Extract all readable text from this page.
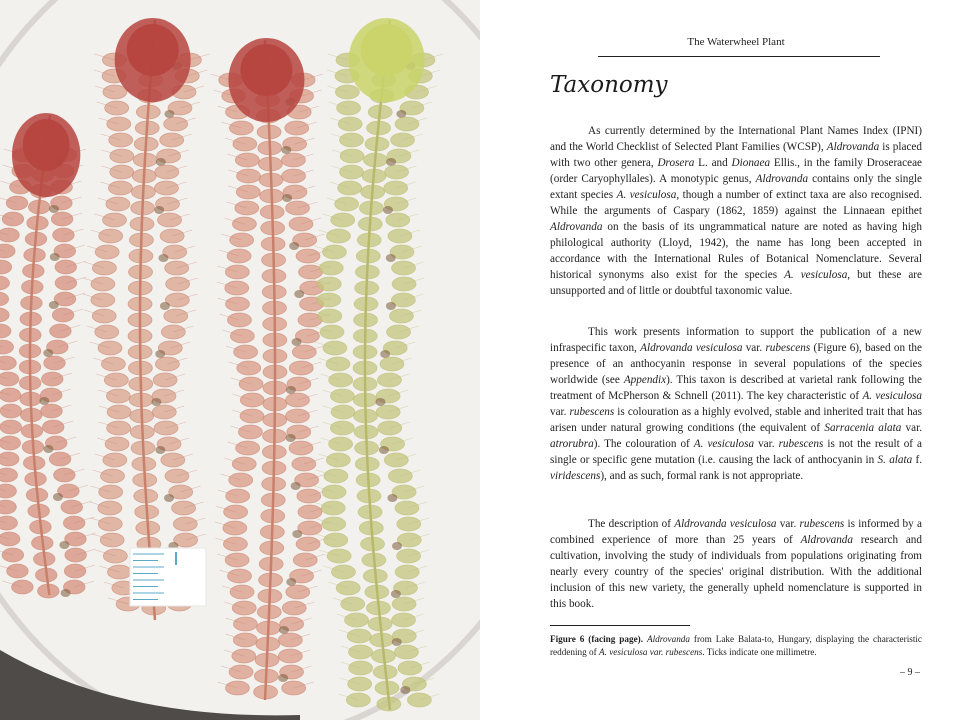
The Waterwheel Plant
Taxonomy

As currently determined by the International Plant Names Index (IPNI) and the World Checklist of Selected Plant Families (WCSP), Aldrovanda is placed with two other genera, Drosera L. and Dionaea Ellis., in the family Droseraceae (order Caryophyllales). A monotypic genus, Aldrovanda contains only the single extant species A. vesiculosa, though a number of extinct taxa are also recognised. While the arguments of Caspary (1862, 1859) against the Linnaean epithet Aldrovanda on the basis of its ungrammatical nature are noted as having high philological authority (Lloyd, 1942), the name has long been accepted in accordance with the International Rules of Botanical Nomenclature. Several historical synonyms also exist for the species A. vesiculosa, but these are unsupported and of little or doubtful taxonomic value.

This work presents information to support the publication of a new infraspecific taxon, Aldrovanda vesiculosa var. rubescens (Figure 6), based on the presence of an anthocyanin response in several populations of the species worldwide (see Appendix). This taxon is described at varietal rank following the treatment of McPherson & Schnell (2011). The key characteristic of A. vesiculosa var. rubescens is colouration as a highly evolved, stable and inherited trait that has arisen under natural growing conditions (the equivalent of Sarracenia alata var. atrorubra). The colouration of A. vesiculosa var. rubescens is not the result of a single or specific gene mutation (i.e. causing the lack of anthocyanin in S. alata f. viridescens), and as such, formal rank is not appropriate.

The description of Aldrovanda vesiculosa var. rubescens is informed by a combined experience of more than 25 years of Aldrovanda research and cultivation, involving the study of individuals from populations originating from nearly every country of the species' original distribution. With the additional inclusion of this new variety, the generally upheld nomenclature is supported in this book.

Figure 6 (facing page). Aldrovanda from Lake Balata-to, Hungary, displaying the characteristic reddening of A. vesiculosa var. rubescens. Ticks indicate one millimetre.

– 9 –
